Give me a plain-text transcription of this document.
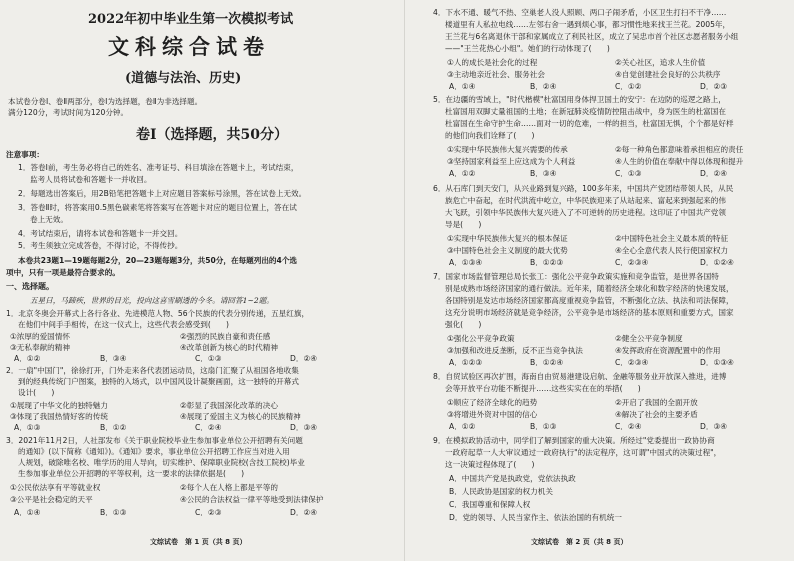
2022年初中毕业生第一次模拟考试
文科综合试卷
(道德与法治、历史)
本试卷分卷Ⅰ、卷Ⅱ两部分，卷Ⅰ为选择题，卷Ⅱ为非选择题。
满分120分，考试时间为120分钟。
卷Ⅰ（选择题，共50分）
注意事项：
1．答卷Ⅰ前，考生务必将自己的姓名、准考证号、科目填涂在答题卡上，考试结束，
监考人员将试卷和答题卡一并收回。
2．每题选出答案后，用2B铅笔把答题卡上对应题目答案标号涂黑，答在试卷上无效。
3．答卷Ⅱ时，将答案用0.5黑色碳素笔将答案写在答题卡对应的题目位置上，答在试
卷上无效。
4．考试结束后，请将本试卷和答题卡一并交回。
5．考生须独立完成答卷，不得讨论，不得传抄。
本卷共23题1—19题每题2分，20—23题每题3分，共50分，在每题列出的4个选
项中，只有一项是最符合要求的。
一、选择题。
五星日，马蹄疾，世界的目光，投向这喜雪刷透的今冬。请回答1~2题。
1．北京冬奥会开幕式上各行各业、先进模范人物、56个民族的代表分别传递，五星红旗，
在他们中间手手相传，在这一仪式上，这些代表会感受到(　　)
①浓厚的爱国情怀	②强烈的民族自豪和责任感
③无私奉献的精神	④改革创新为核心的时代精神
A．①②	B．③④	C．①③	D．②④
2．一扇"中国门"，徐徐打开，门外走来各代表团运动员，这扇门汇聚了从祖国各地收集
到的经典传统门户图案，独特的入场式，以中国风设计凝聚画面，这一独特的开幕式
设计(　　)
①展现了中华文化的独特魅力	②彰显了我国深化改革的决心
③体现了我国热情好客的传统	④展现了爱国主义为核心的民族精神
A．①③	B．①②	C．②④	D．③④
3．2021年11月2日，人社部发布《关于职业院校毕业生参加事业单位公开招聘有关问题
的通知》(以下简称《通知》)。《通知》要求，事业单位公开招聘工作应当对进入用
人规划，破除唯名校、唯学历的用人导向，切实维护、保障职业院校(含技工院校)毕业
生参加事业单位公开招聘的平等权利，这一要求的法律依据是(　　)
①公民依法享有平等就业权	②每个人在人格上都是平等的
③公平是社会稳定的天平	④公民的合法权益一律平等地受到法律保护
A．①④	B．①③	C．②③	D．②④
文综试卷　第 1 页（共 8 页）
4．下水不通、暖气不热、空巢老人没人照顾、两口子闹矛盾，小区卫生打扫不干净……
楼道里有人私拉电线……左邻右舍一遇到烦心事，都习惯性地来找王兰花。2005年，
王兰花与6名离退休干部和家属成立了利民社区，成立了吴忠市首个社区志愿者服务小组
——"王兰花热心小组"。她们的行动体现了(　　)
①人的成长是社会化的过程	②关心社区，追求人生价值
③主动地亲近社会、服务社会	④自觉创建社会良好的公共秩序
A．①④	B．②④	C．①②	D．②③
5．在边疆的雪域上，"时代楷模"杜富国用身体捍卫国土的安宁：在边防的巡逻之路上，
杜富国用双脚丈量祖国的土地；在新冠肺炎疫情防控阻击战中，身为医生的杜富国在
杜富国在生命守护生命……面对一切的危难，一样的担当，杜富国无惧，个个都是好样
的他们向我们诠释了(　　)
①实现中华民族伟大复兴需要的传承	②每一种角色都意味着承担相应的责任
③坚持国家利益至上应这成为个人利益	④人生的价值在奉献中得以体现和提升
A．①②	B．③④	C．①③	D．②④
6．从石库门到天安门，从兴业路到复兴路，100多年来，中国共产党团结带领人民，从民
族危亡中奋起，在时代洪流中屹立，中华民族迎来了从站起来、富起来到强起来的伟
大飞跃，引领中华民族伟大复兴进入了不可逆转的历史进程。这印证了中国共产党领
导是(　　)
①实现中华民族伟大复兴的根本保证	②中国特色社会主义最本质的特征
③中国特色社会主义制度的最大优势	④全心全意代表人民行使国家权力
A．①③④	B．①②③	C．②③④	D．①②④
7．国家市场监督管理总局长张工：强化公平竞争政策实施和竞争监管，是世界各国特
别是成熟市场经济国家的通行做法。近年来，随着经济全球化和数字经济的快速发展，
各国特别是发达市场经济国家都高度重视竞争监管，不断强化立法、执法和司法保障，
这充分说明市场经济就是竞争经济，公平竞争是市场经济的基本原则和重要方式，国家
强化(　　)
①强化公平竞争政策	②健全公平竞争制度
③加强和改进反垄断，反不正当竞争执法	④发挥政府在资源配置中的作用
A．①②③	B．①②④	C．②③④	D．①③④
8．自贸试验区再次扩围，海南自由贸易港建设启航、金融等服务业开放深入推进，进博
会等开放平台功能不断提升……这些实实在在的举措(　　)
①顺应了经济全球化的趋势	②开启了我国的全面开放
③将增进外资对中国的信心	④解决了社会的主要矛盾
A．①②	B．①③	C．②④	D．③④
9．在模拟政协活动中，同学们了解到国家的重大决策。所经过"党委提出一政协协商
一政府起草一人大审议通过一政府执行"的法定程序，这可谓"中国式的决策过程"，
这一决策过程体现了(　　)
A．中国共产党是执政党，党依法执政
B．人民政协是国家的权力机关
C．我国尊重和保障人权
D．党的领导、人民当家作主、依法治国的有机统一
文综试卷　第 2 页（共 8 页）
